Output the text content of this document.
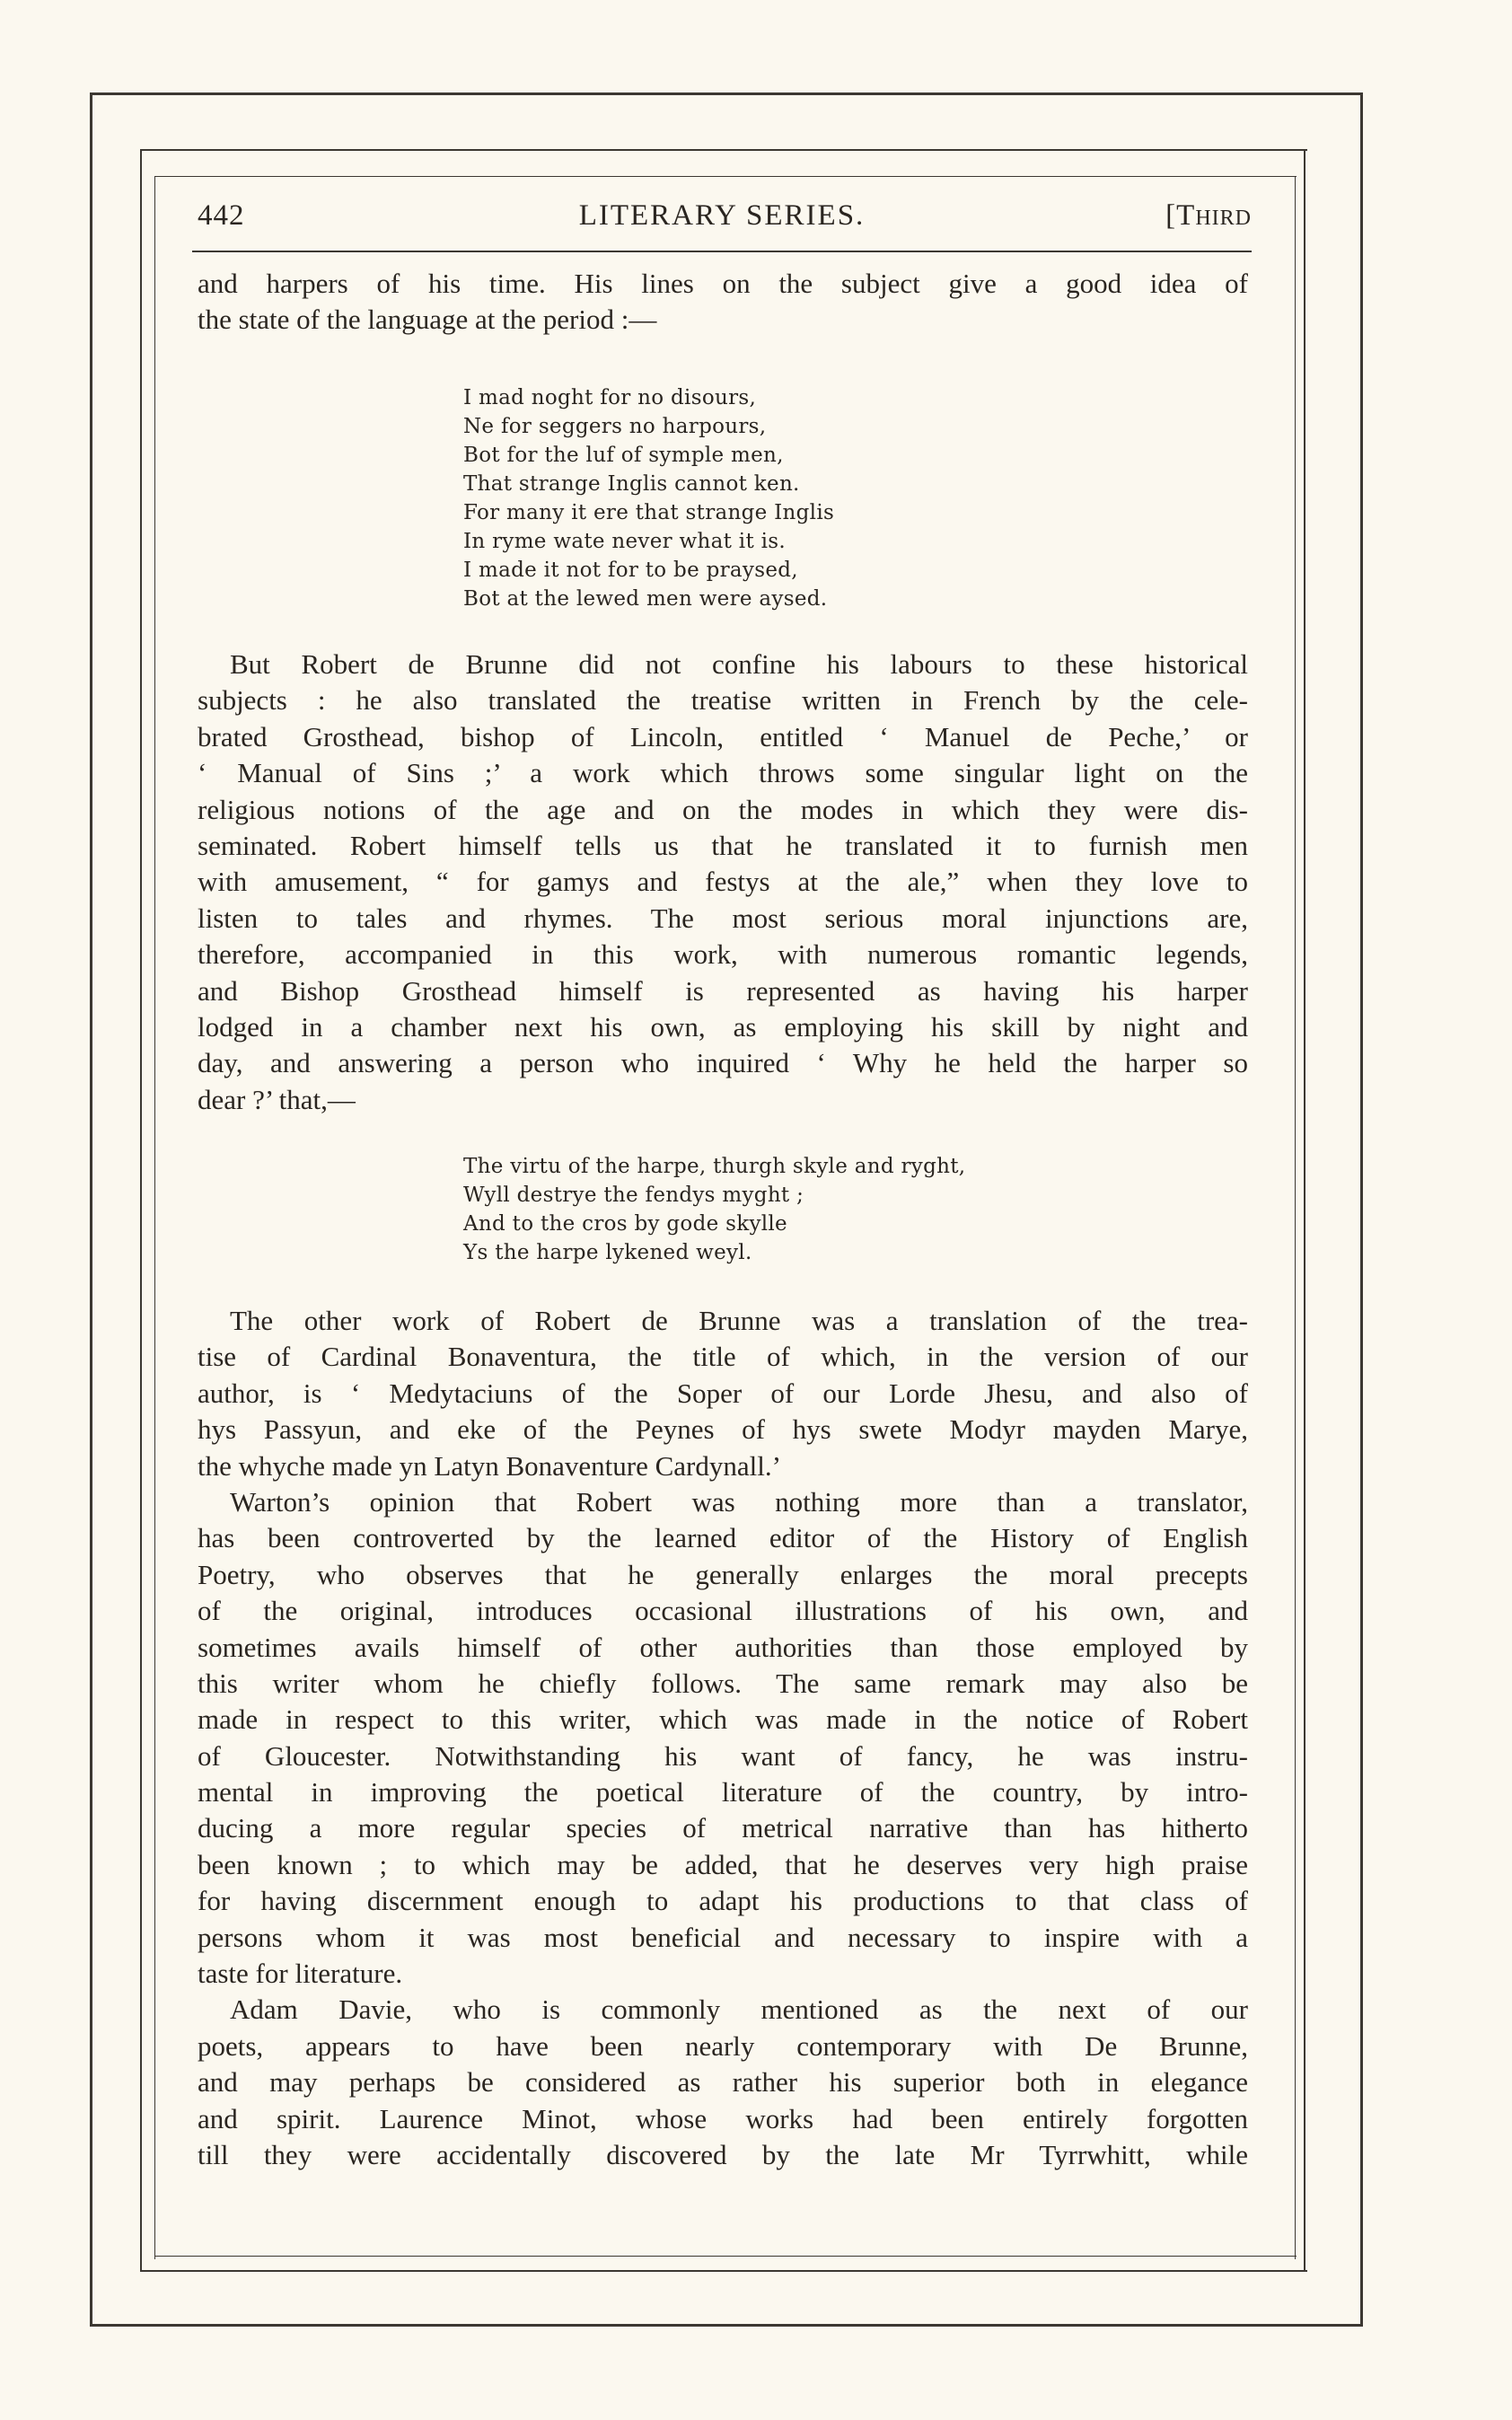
442	LITERARY SERIES.	[THIRD
and harpers of his time. His lines on the subject give a good idea of
the state of the language at the period :—
I mad noght for no disours,
Ne for seggers no harpours,
Bot for the luf of symple men,
That strange Inglis cannot ken.
For many it ere that strange Inglis
In ryme wate never what it is.
I made it not for to be praysed,
Bot at the lewed men were aysed.
But Robert de Brunne did not confine his labours to these historical
subjects : he also translated the treatise written in French by the cele-
brated Grosthead, bishop of Lincoln, entitled ‘ Manuel de Peche,’ or
‘ Manual of Sins ;’ a work which throws some singular light on the
religious notions of the age and on the modes in which they were dis-
seminated. Robert himself tells us that he translated it to furnish men
with amusement, “ for gamys and festys at the ale,” when they love to
listen to tales and rhymes. The most serious moral injunctions are,
therefore, accompanied in this work, with numerous romantic legends,
and Bishop Grosthead himself is represented as having his harper
lodged in a chamber next his own, as employing his skill by night and
day, and answering a person who inquired ‘ Why he held the harper so
dear ?’ that,—
The virtu of the harpe, thurgh skyle and ryght,
Wyll destrye the fendys myght ;
And to the cros by gode skylle
Ys the harpe lykened weyl.
The other work of Robert de Brunne was a translation of the trea-
tise of Cardinal Bonaventura, the title of which, in the version of our
author, is ‘ Medytaciuns of the Soper of our Lorde Jhesu, and also of
hys Passyun, and eke of the Peynes of hys swete Modyr mayden Marye,
the whyche made yn Latyn Bonaventure Cardynall.’
Warton’s opinion that Robert was nothing more than a translator,
has been controverted by the learned editor of the History of English
Poetry, who observes that he generally enlarges the moral precepts
of the original, introduces occasional illustrations of his own, and
sometimes avails himself of other authorities than those employed by
this writer whom he chiefly follows. The same remark may also be
made in respect to this writer, which was made in the notice of Robert
of Gloucester. Notwithstanding his want of fancy, he was instru-
mental in improving the poetical literature of the country, by intro-
ducing a more regular species of metrical narrative than has hitherto
been known ; to which may be added, that he deserves very high praise
for having discernment enough to adapt his productions to that class of
persons whom it was most beneficial and necessary to inspire with a
taste for literature.
Adam Davie, who is commonly mentioned as the next of our
poets, appears to have been nearly contemporary with De Brunne,
and may perhaps be considered as rather his superior both in elegance
and spirit. Laurence Minot, whose works had been entirely forgotten
till they were accidentally discovered by the late Mr Tyrrwhitt, while
